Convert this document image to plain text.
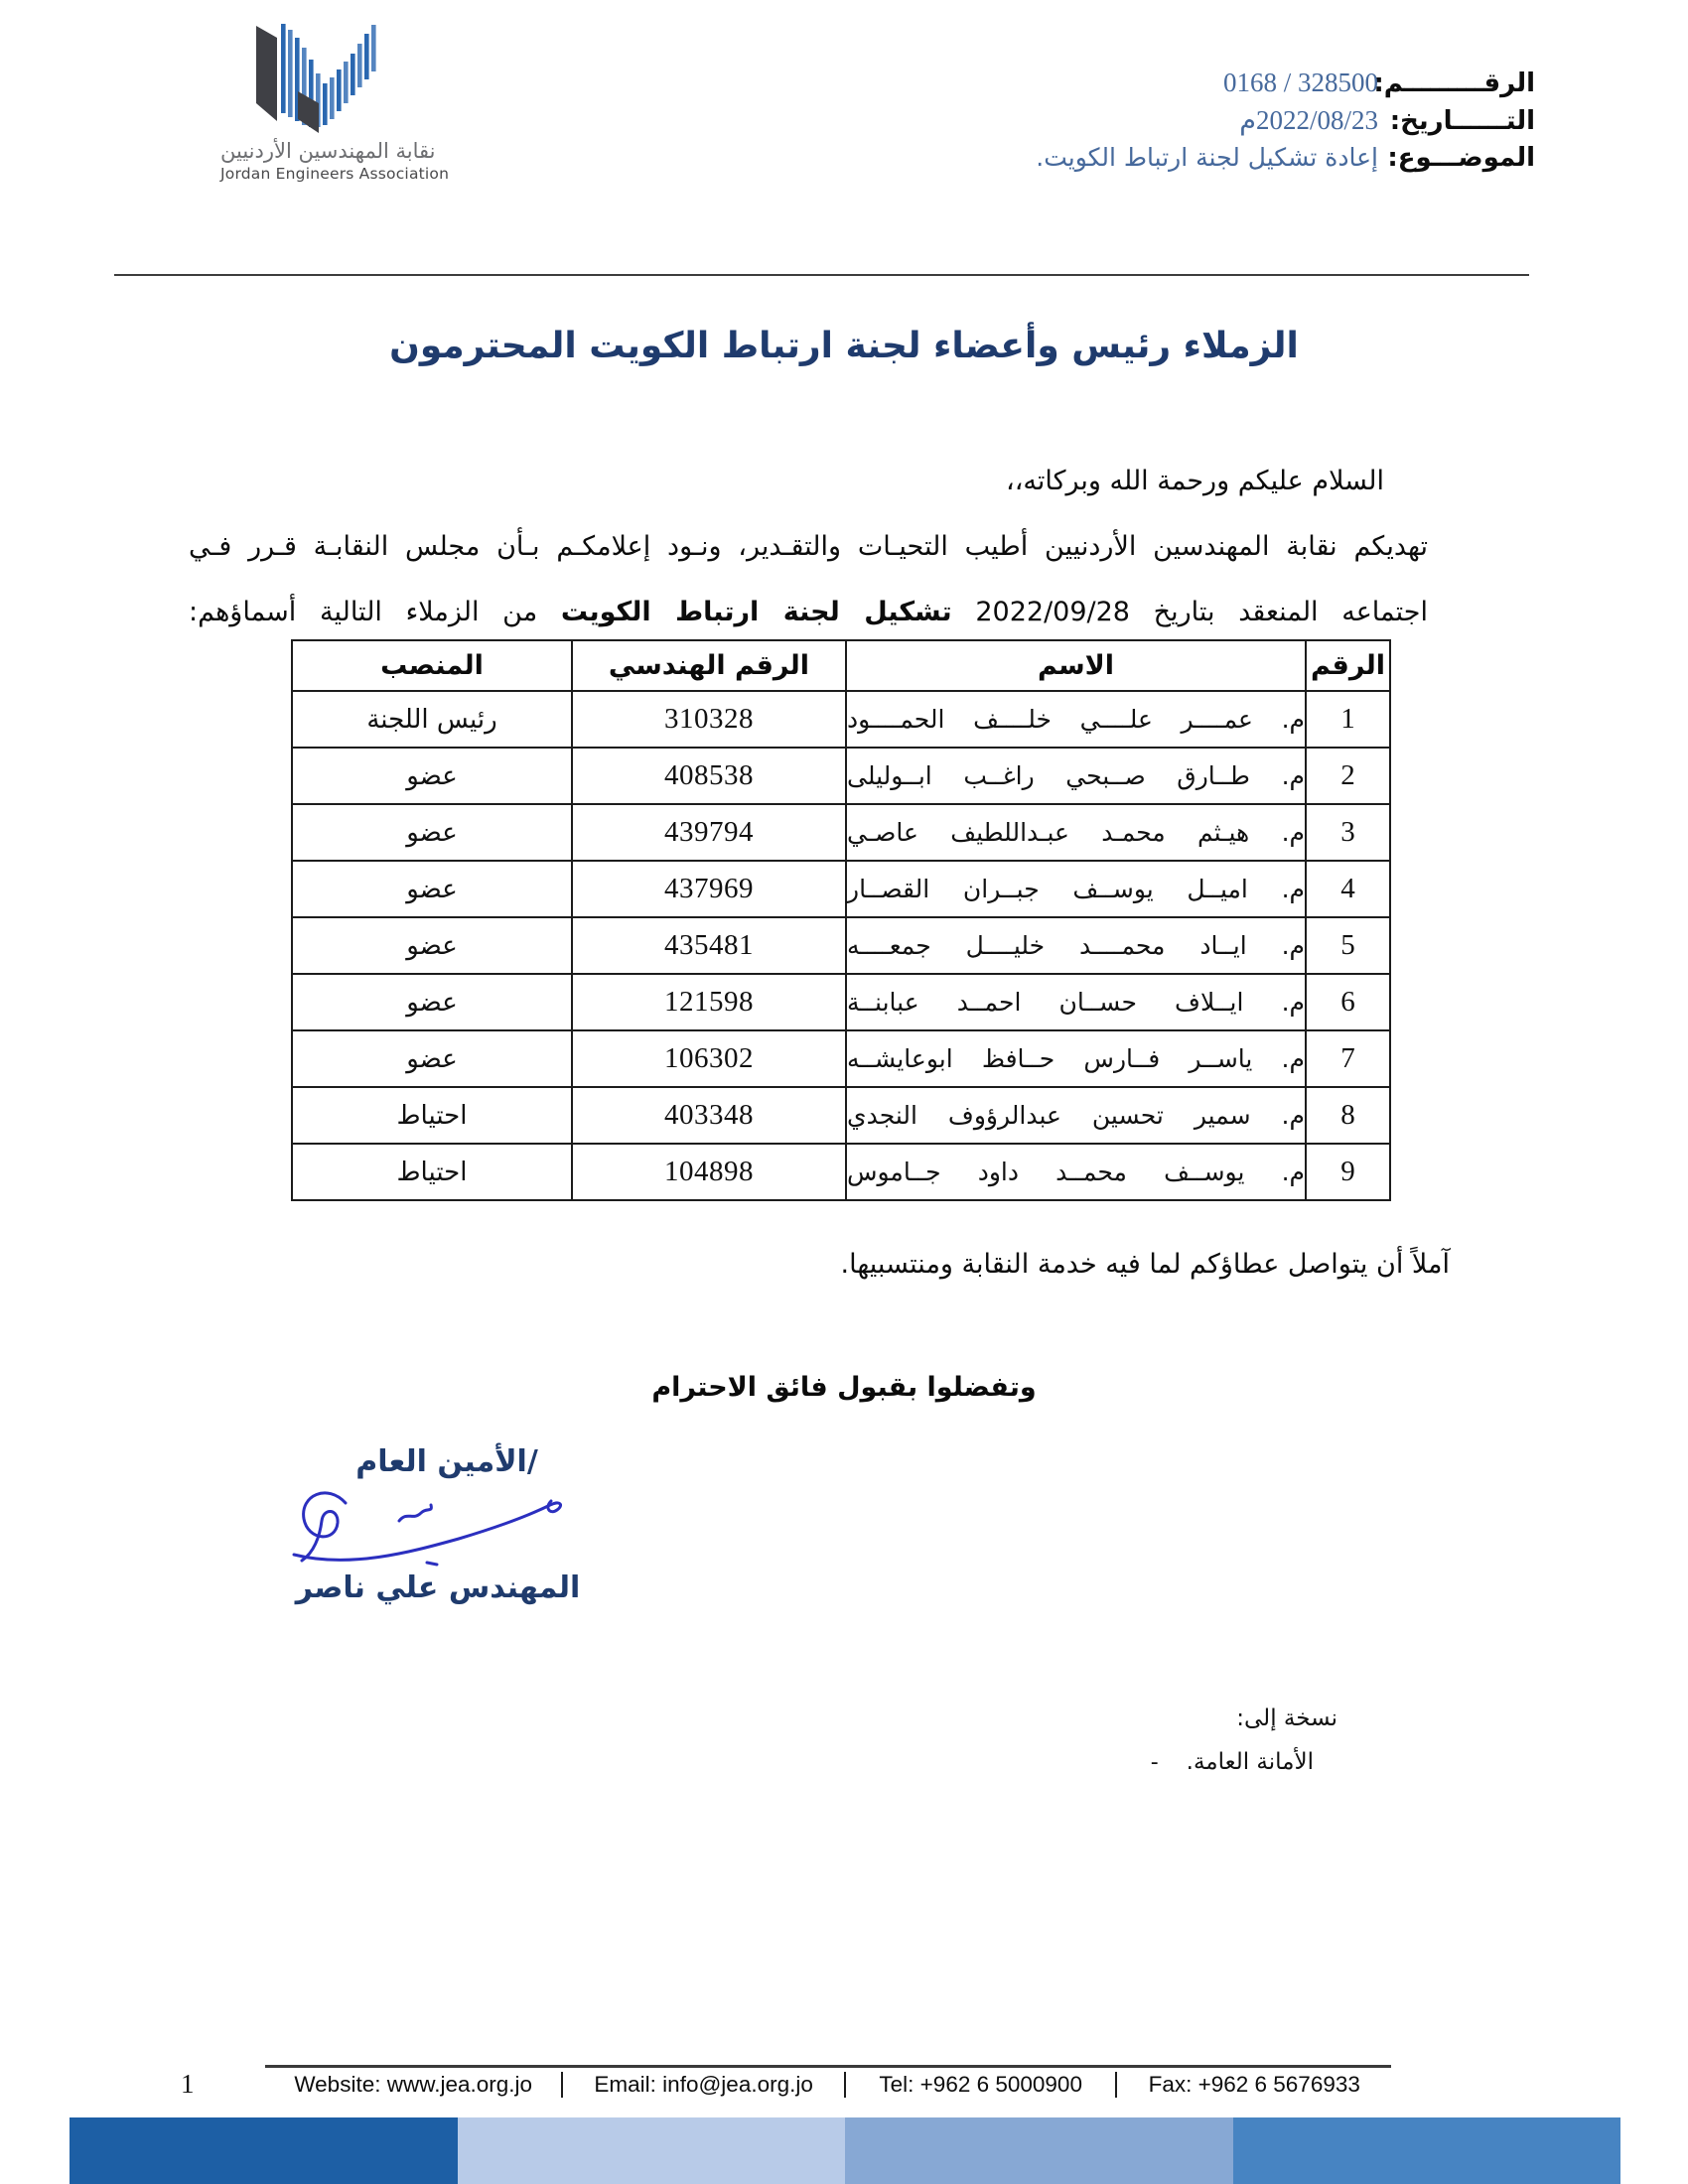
نقابة المهندسين الأردنيين
Jordan Engineers Association
الرقـــــــــم:
0168 / 328500
التــــــاريخ:
2022/08/23م
الموضـــوع:
إعادة تشكيل لجنة ارتباط الكويت.
الزملاء رئيس وأعضاء لجنة ارتباط الكويت المحترمون
السلام عليكم ورحمة الله وبركاته،،
تهديكم نقابة المهندسين الأردنيين أطيب التحيـات والتقـدير، ونـود إعلامكـم بـأن مجلس النقابـة قـرر فـي
اجتماعه المنعقد بتاريخ 2022/09/28 تشكيل لجنة ارتباط الكويت من الزملاء التالية أسماؤهم:
الرقم	الاسم	الرقم الهندسي	المنصب
1	م. عمــــر علــــي خلــــف الحمــــود	310328	رئيس اللجنة
2	م. طــارق صــبحي راغــب ابــوليلى	408538	عضو
3	م. هيـثم محمـد عبـداللطيف عاصـي	439794	عضو
4	م. اميــل يوســف جبــران القصــار	437969	عضو
5	م. ايــاد محمــــد خليــــل جمعــــه	435481	عضو
6	م. ايــلاف حســان احمــد عبابنــة	121598	عضو
7	م. ياســر فــارس حــافظ ابوعايشــه	106302	عضو
8	م. سمير تحسين عبدالرؤوف النجدي	403348	احتياط
9	م. يوســف محمــد داود جــاموس	104898	احتياط
آملاً أن يتواصل عطاؤكم لما فيه خدمة النقابة ومنتسبيها.
وتفضلوا بقبول فائق الاحترام
/الأمين العام
المهندس علي ناصر
نسخة إلى:
الأمانة العامة.
-
1	Website: www.jea.org.jo	Email: info@jea.org.jo	Tel: +962 6 5000900	Fax: +962 6 5676933
